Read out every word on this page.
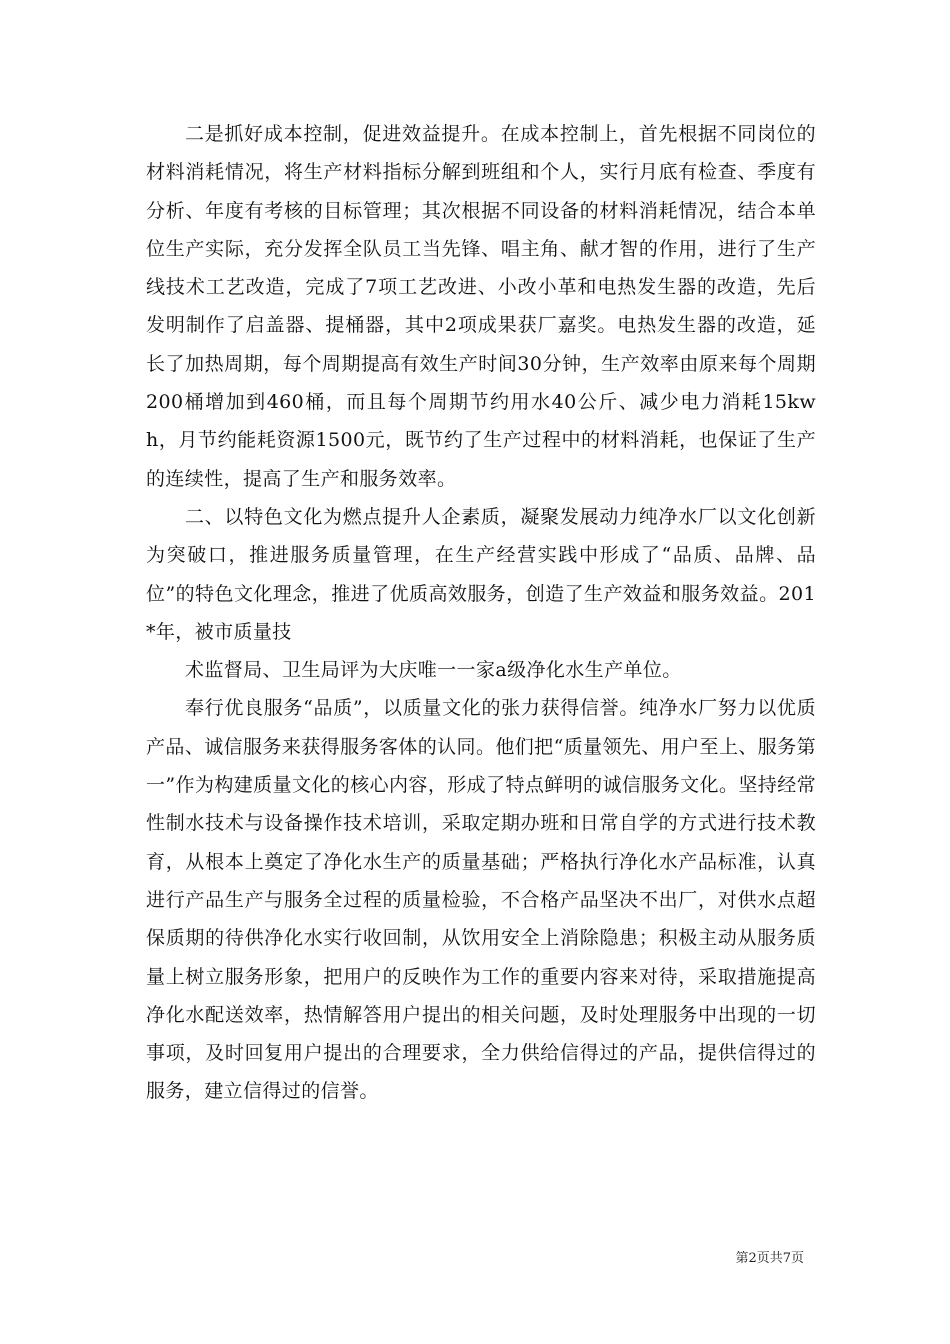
二是抓好成本控制，促进效益提升。在成本控制上，首先根据不同岗位的材料消耗情况，将生产材料指标分解到班组和个人，实行月底有检查、季度有分析、年度有考核的目标管理；其次根据不同设备的材料消耗情况，结合本单位生产实际，充分发挥全队员工当先锋、唱主角、献才智的作用，进行了生产线技术工艺改造，完成了7项工艺改进、小改小革和电热发生器的改造，先后发明制作了启盖器、提桶器，其中2项成果获厂嘉奖。电热发生器的改造，延长了加热周期，每个周期提高有效生产时间30分钟，生产效率由原来每个周期200桶增加到460桶，而且每个周期节约用水40公斤、减少电力消耗15kwh，月节约能耗资源1500元，既节约了生产过程中的材料消耗，也保证了生产的连续性，提高了生产和服务效率。

二、以特色文化为燃点提升人企素质，凝聚发展动力纯净水厂以文化创新为突破口，推进服务质量管理，在生产经营实践中形成了“品质、品牌、品位”的特色文化理念，推进了优质高效服务，创造了生产效益和服务效益。201*年，被市质量技

术监督局、卫生局评为大庆唯一一家a级净化水生产单位。

奉行优良服务“品质”，以质量文化的张力获得信誉。纯净水厂努力以优质产品、诚信服务来获得服务客体的认同。他们把“质量领先、用户至上、服务第一”作为构建质量文化的核心内容，形成了特点鲜明的诚信服务文化。坚持经常性制水技术与设备操作技术培训，采取定期办班和日常自学的方式进行技术教育，从根本上奠定了净化水生产的质量基础；严格执行净化水产品标准，认真进行产品生产与服务全过程的质量检验，不合格产品坚决不出厂，对供水点超保质期的待供净化水实行收回制，从饮用安全上消除隐患；积极主动从服务质量上树立服务形象，把用户的反映作为工作的重要内容来对待，采取措施提高净化水配送效率，热情解答用户提出的相关问题，及时处理服务中出现的一切事项，及时回复用户提出的合理要求，全力供给信得过的产品，提供信得过的服务，建立信得过的信誉。

第2页共7页
